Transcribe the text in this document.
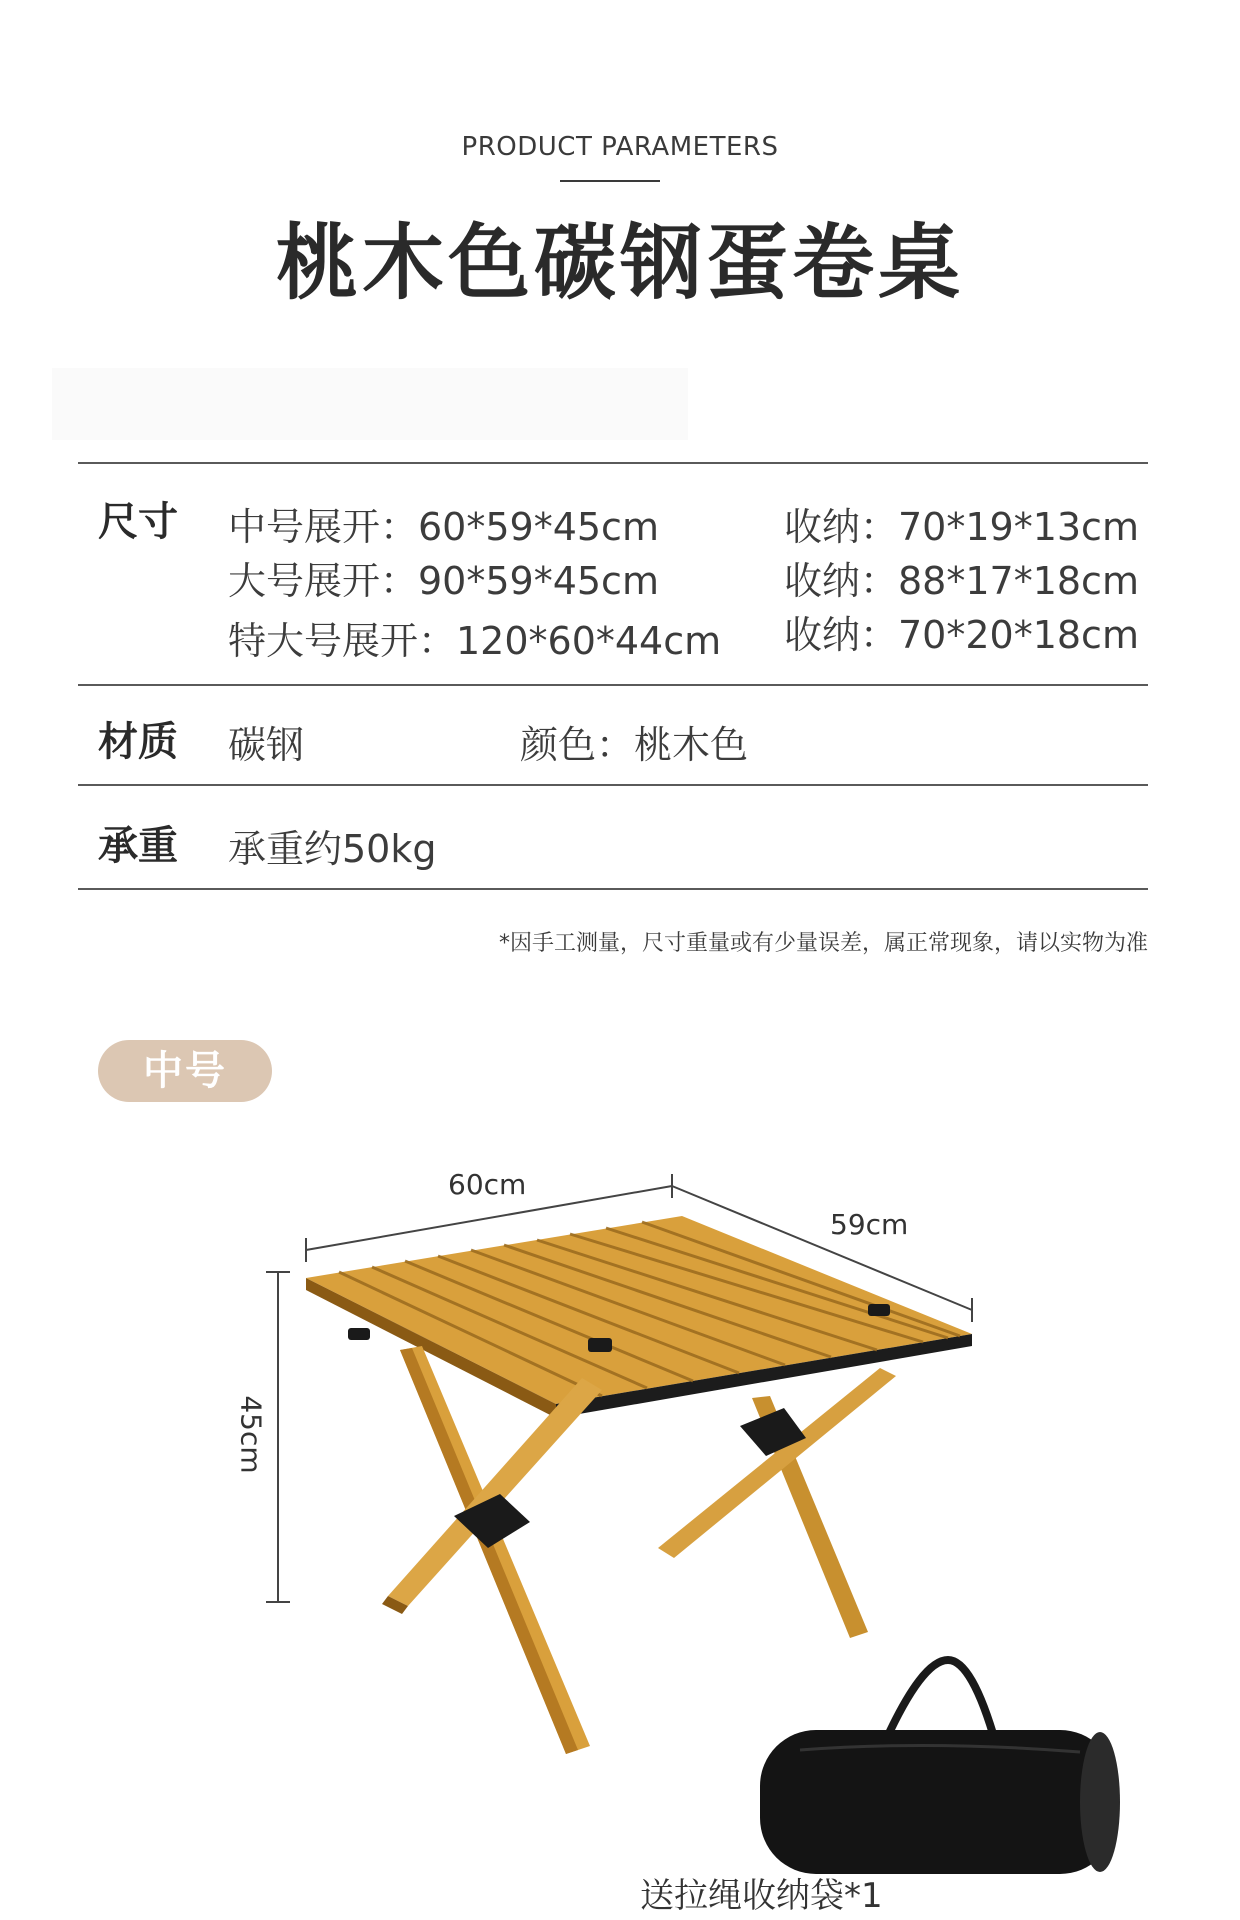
PRODUCT PARAMETERS
桃木色碳钢蛋卷桌
尺寸 中号展开：60*59*45cm	收纳：70*19*13cm
大号展开：90*59*45cm	收纳：88*17*18cm
特大号展开：120*60*44cm 收纳：70*20*18cm
材质 碳钢	颜色：桃木色
承重 承重约50kg
*因手工测量，尺寸重量或有少量误差，属正常现象，请以实物为准
中号
60cm
59cm
45cm
送拉绳收纳袋*1
